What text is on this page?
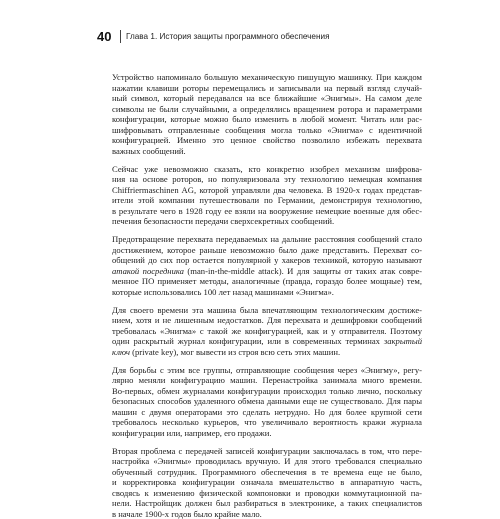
40 Глава 1. История защиты программного обеспечения
Устройство напоминало большую механическую пишущую машинку. При каждом
нажатии клавиши роторы перемещались и записывали на первый взгляд случай-
ный символ, который передавался на все ближайшие «Энигмы». На самом деле
символы не были случайными, а определялись вращением ротора и параметрами
конфигурации, которые можно было изменить в любой момент. Читать или рас-
шифровывать отправленные сообщения могла только «Энигма» с идентичной
конфигурацией. Именно это ценное свойство позволило избежать перехвата
важных сообщений.
Сейчас уже невозможно сказать, кто конкретно изобрел механизм шифрова-
ния на основе роторов, но популяризовала эту технологию немецкая компания
Chiffriermaschinen AG, которой управляли два человека. В 1920-х годах представ-
ители этой компании путешествовали по Германии, демонстрируя технологию,
в результате чего в 1928 году ее взяли на вооружение немецкие военные для обес-
печения безопасности передачи сверхсекретных сообщений.
Предотвращение перехвата передаваемых на дальние расстояния сообщений стало
достижением, которое раньше невозможно было даже представить. Перехват со-
общений до сих пор остается популярной у хакеров техникой, которую называют
атакой посредника (man-in-the-middle attack). И для защиты от таких атак совре-
менное ПО применяет методы, аналогичные (правда, гораздо более мощные) тем,
которые использовались 100 лет назад машинами «Энигма».
Для своего времени эта машина была впечатляющим технологическим достиже-
нием, хотя и не лишенным недостатков. Для перехвата и дешифровки сообщений
требовалась «Энигма» с такой же конфигурацией, как и у отправителя. Поэтому
один раскрытый журнал конфигурации, или в современных терминах закрытый
ключ (private key), мог вывести из строя всю сеть этих машин.
Для борьбы с этим все группы, отправляющие сообщения через «Энигму», регу-
лярно меняли конфигурацию машин. Перенастройка занимала много времени.
Во-первых, обмен журналами конфигурации происходил только лично, поскольку
безопасных способов удаленного обмена данными еще не существовало. Для пары
машин с двумя операторами это сделать нетрудно. Но для более крупной сети
требовалось несколько курьеров, что увеличивало вероятность кражи журнала
конфигурации или, например, его продажи.
Вторая проблема с передачей записей конфигурации заключалась в том, что пере-
настройка «Энигмы» проводилась вручную. И для этого требовался специально
обученный сотрудник. Программного обеспечения в те времена еще не было,
и корректировка конфигурации означала вмешательство в аппаратную часть,
сводясь к изменению физической компоновки и проводки коммутационной па-
нели. Настройщик должен был разбираться в электронике, а таких специалистов
в начале 1900-х годов было крайне мало.
